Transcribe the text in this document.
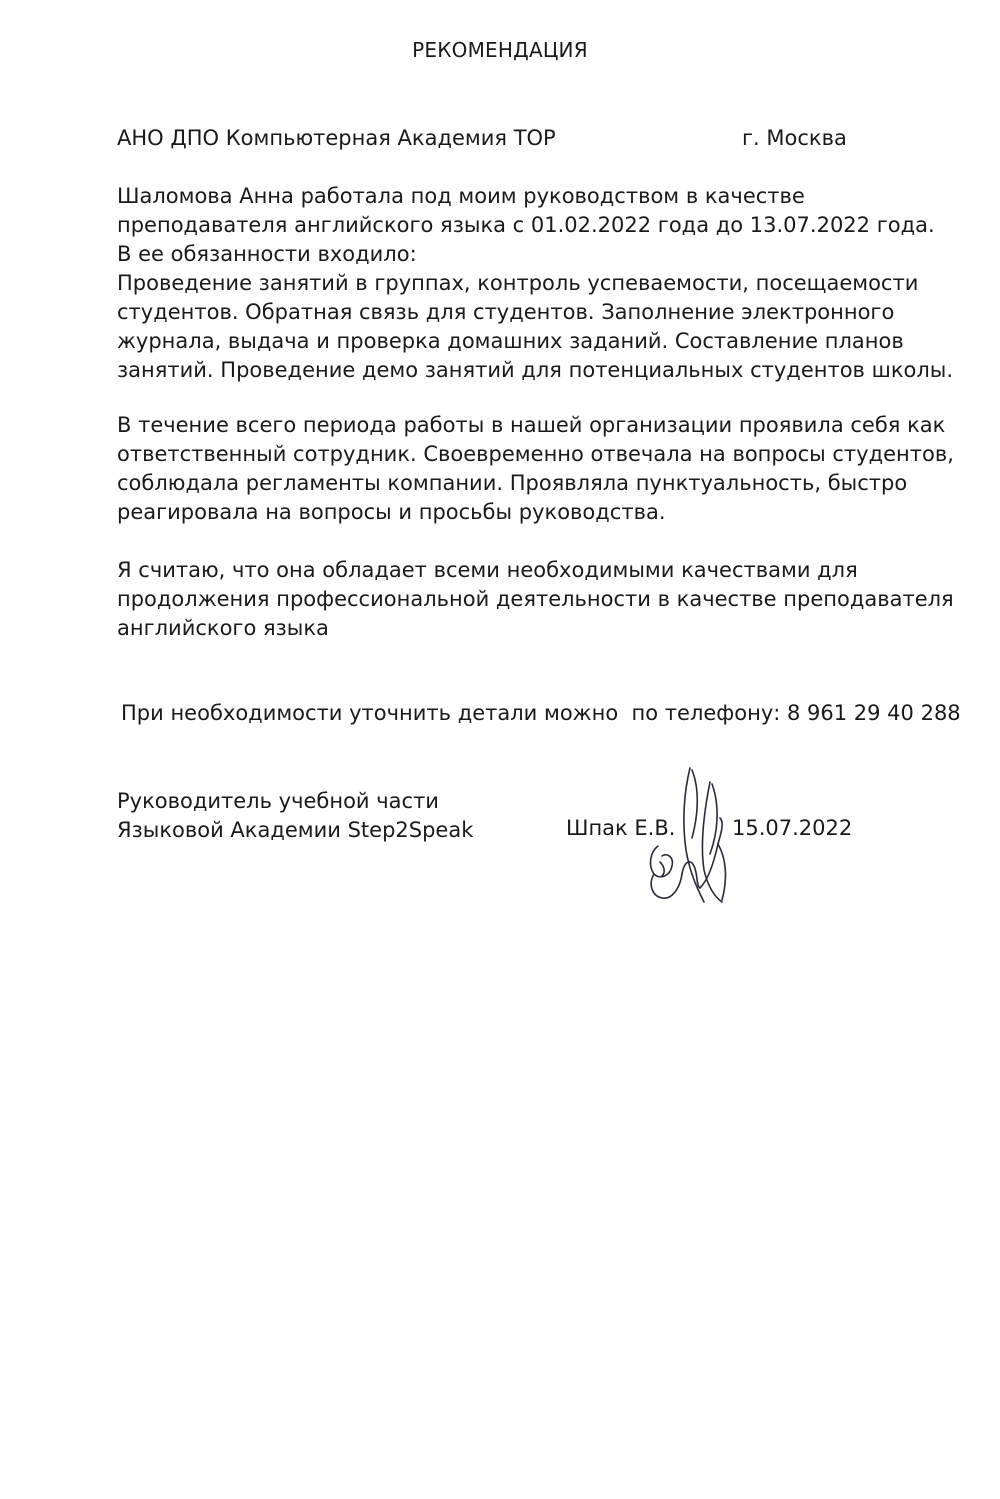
РЕКОМЕНДАЦИЯ
АНО ДПО Компьютерная Академия ТОР	г. Москва

Шаломова Анна работала под моим руководством в качестве
преподавателя английского языка с 01.02.2022 года до 13.07.2022 года.
В ее обязанности входило:
Проведение занятий в группах, контроль успеваемости, посещаемости
студентов. Обратная связь для студентов. Заполнение электронного
журнала, выдача и проверка домашних заданий. Составление планов
занятий. Проведение демо занятий для потенциальных студентов школы.

В течение всего периода работы в нашей организации проявила себя как
ответственный сотрудник. Своевременно отвечала на вопросы студентов,
соблюдала регламенты компании. Проявляла пунктуальность, быстро
реагировала на вопросы и просьбы руководства.

Я считаю, что она обладает всеми необходимыми качествами для
продолжения профессиональной деятельности в качестве преподавателя
английского языка

При необходимости уточнить детали можно  по телефону: 8 961 29 40 288
Руководитель учебной части
Языковой Академии Step2Speak	Шпак Е.В.	15.07.2022
